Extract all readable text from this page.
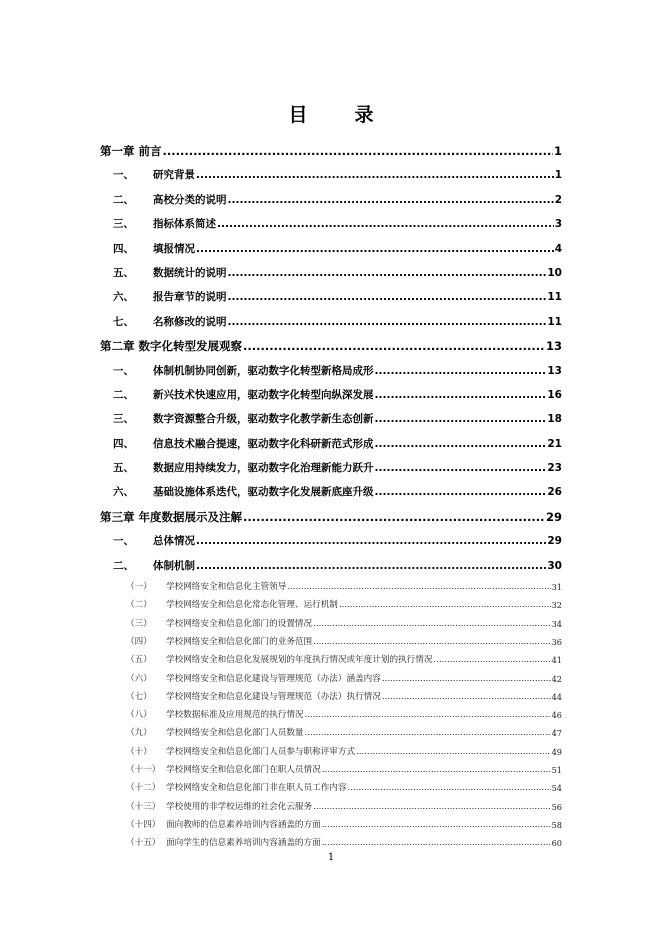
目　录
第一章 前言 .....	1
一、 研究背景 .....	1
二、 高校分类的说明 .....	2
三、 指标体系简述 .....	3
四、 填报情况 .....	4
五、 数据统计的说明 .....	10
六、 报告章节的说明 .....	11
七、 名称修改的说明 .....	11
第二章 数字化转型发展观察 .....	13
一、 体制机制协同创新，驱动数字化转型新格局成形 .....	13
二、 新兴技术快速应用，驱动数字化转型向纵深发展 .....	16
三、 数字资源整合升级，驱动数字化教学新生态创新 .....	18
四、 信息技术融合提速，驱动数字化科研新范式形成 .....	21
五、 数据应用持续发力，驱动数字化治理新能力跃升 .....	23
六、 基础设施体系迭代，驱动数字化发展新底座升级 .....	26
第三章 年度数据展示及注解 .....	29
一、 总体情况 .....	29
二、 体制机制 .....	30
（一） 学校网络安全和信息化主管领导 .....	31
（二） 学校网络安全和信息化常态化管理、运行机制 .....	32
（三） 学校网络安全和信息化部门的设置情况 .....	34
（四） 学校网络安全和信息化部门的业务范围 .....	36
（五） 学校网络安全和信息化发展规划的年度执行情况或年度计划的执行情况 .....	41
（六） 学校网络安全和信息化建设与管理规范（办法）涵盖内容 .....	42
（七） 学校网络安全和信息化建设与管理规范（办法）执行情况 .....	44
（八） 学校数据标准及应用规范的执行情况 .....	46
（九） 学校网络安全和信息化部门人员数量 .....	47
（十） 学校网络安全和信息化部门人员参与职称评审方式 .....	49
（十一） 学校网络安全和信息化部门在职人员情况 .....	51
（十二） 学校网络安全和信息化部门非在职人员工作内容 .....	54
（十三） 学校使用的非学校运维的社会化云服务 .....	56
（十四） 面向教师的信息素养培训内容涵盖的方面 .....	58
（十五） 面向学生的信息素养培训内容涵盖的方面 .....	60
1
